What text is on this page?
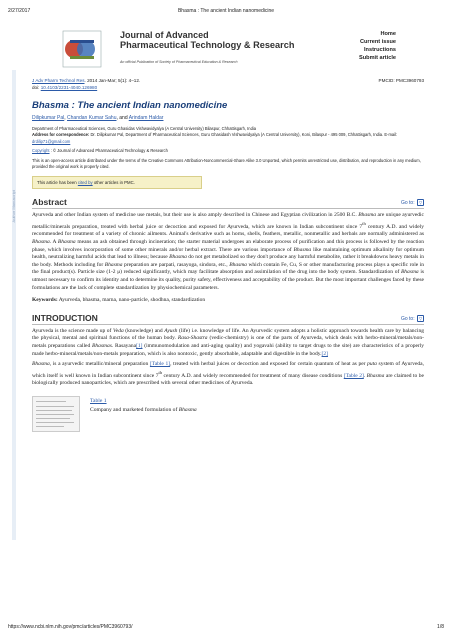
2/27/2017	Bhasma : The ancient Indian nanomedicine
Author Manuscript
Journal of Advanced
Pharmaceutical Technology & Research
An official Publication of Society of Pharmaceutical Education & Research
Home
Current issue
Instructions
Submit article
J Adv Pharm Technol Res. 2014 Jan-Mar; 5(1): 4–12.
doi: 10.4103/2231-4040.126980
PMCID: PMC3960793
Bhasma : The ancient Indian nanomedicine
Dilipkumar Pal, Chandan Kumar Sahu, and Arindam Haldar
Department of Pharmaceutical Sciences, Guru Ghasidas Vishwavidyalya (A Central University) Bilaspur, Chhattisgarh, India
Address for correspondence: Dr. Dilipkumar Pal, Department of Pharmaceutical Sciences, Guru Ghasidash Vishwavidyalya (A Central University), Koni, Bilaspur - 495 009, Chhattisgarh, India. E-mail: drdilip71@gmail.com
Copyright : © Journal of Advanced Pharmaceutical Technology & Research
This is an open-access article distributed under the terms of the Creative Commons Attribution-Noncommercial-Share Alike 3.0 Unported, which permits unrestricted use, distribution, and reproduction in any medium, provided the original work is properly cited.
This article has been cited by other articles in PMC.
Abstract	Go to: ▽
Ayurveda and other Indian system of medicine use metals, but their use is also amply described in Chinese and Egyptian civilization in 2500 B.C. Bhasma are unique ayurvedic metallic/minerals preparation, treated with herbal juice or decoction and exposed for Ayurveda, which are known in Indian subcontinent since 7th century A.D. and widely recommended for treatment of a variety of chronic ailments. Animal's derivative such as horns, shells, feathers, metallic, nonmetallic and herbals are normally administered as Bhasma. A Bhasma means an ash obtained through incineration; the starter material undergoes an elaborate process of purification and this process is followed by the reaction phase, which involves incorporation of some other minerals and/or herbal extract. There are various importance of Bhasma like maintaining optimum alkalinity for optimum health, neutralizing harmful acids that lead to illness; because Bhasma do not get metabolized so they don't produce any harmful metabolite, rather it breakdowns heavy metals in the body. Methods including for Bhasma preparation are parpati, rasayoga, sindora, etc., Bhasma which contain Fe, Cu, S or other manufacturing process plays a specific role in the final product(s). Particle size (1-2 μ) reduced significantly, which may facilitate absorption and assimilation of the drug into the body system. Standardization of Bhasma is utmost necessary to confirm its identity and to determine its quality, purity safety, effectiveness and acceptability of the product. But the most important challenges faced by these formulations are the lack of complete standardization by physiochemical parameters.
Keywords: Ayurveda, bhasma, marna, nano-particle, shodhna, standardization
INTRODUCTION	Go to: ▽
Ayurveda is the science made up of Veda (knowledge) and Ayush (life) i.e. knowledge of life. An Ayurvedic system adopts a holistic approach towards health care by balancing the physical, mental and spiritual functions of the human body. Rasa-Shastra (vedic-chemistry) is one of the parts of Ayurveda, which deals with herbo-mineral/metals/non-metals preparations called Bhasmas. Rasayana[1] (immunomodulation and anti-aging quality) and yogavahi (ability to target drugs to the site) are characteristics of a properly made herbo-mineral/metals/non-metals preparation, which is also nontoxic, gently absorbable, adaptable and digestible in the body.[2]
Bhasma, is a ayurvedic metallic/mineral preparation [Table 1], treated with herbal juices or decoction and exposed for certain quantum of heat as per puta system of Ayurveda, which itself is well known in Indian subcontinent since 7th century A.D. and widely recommended for treatment of many disease conditions [Table 2]. Bhasma are claimed to be biologically produced nanoparticles, which are prescribed with several other medicines of Ayurveda.
Table 1
Company and marketed formulation of Bhasma
https://www.ncbi.nlm.nih.gov/pmc/articles/PMC3960793/	1/8
